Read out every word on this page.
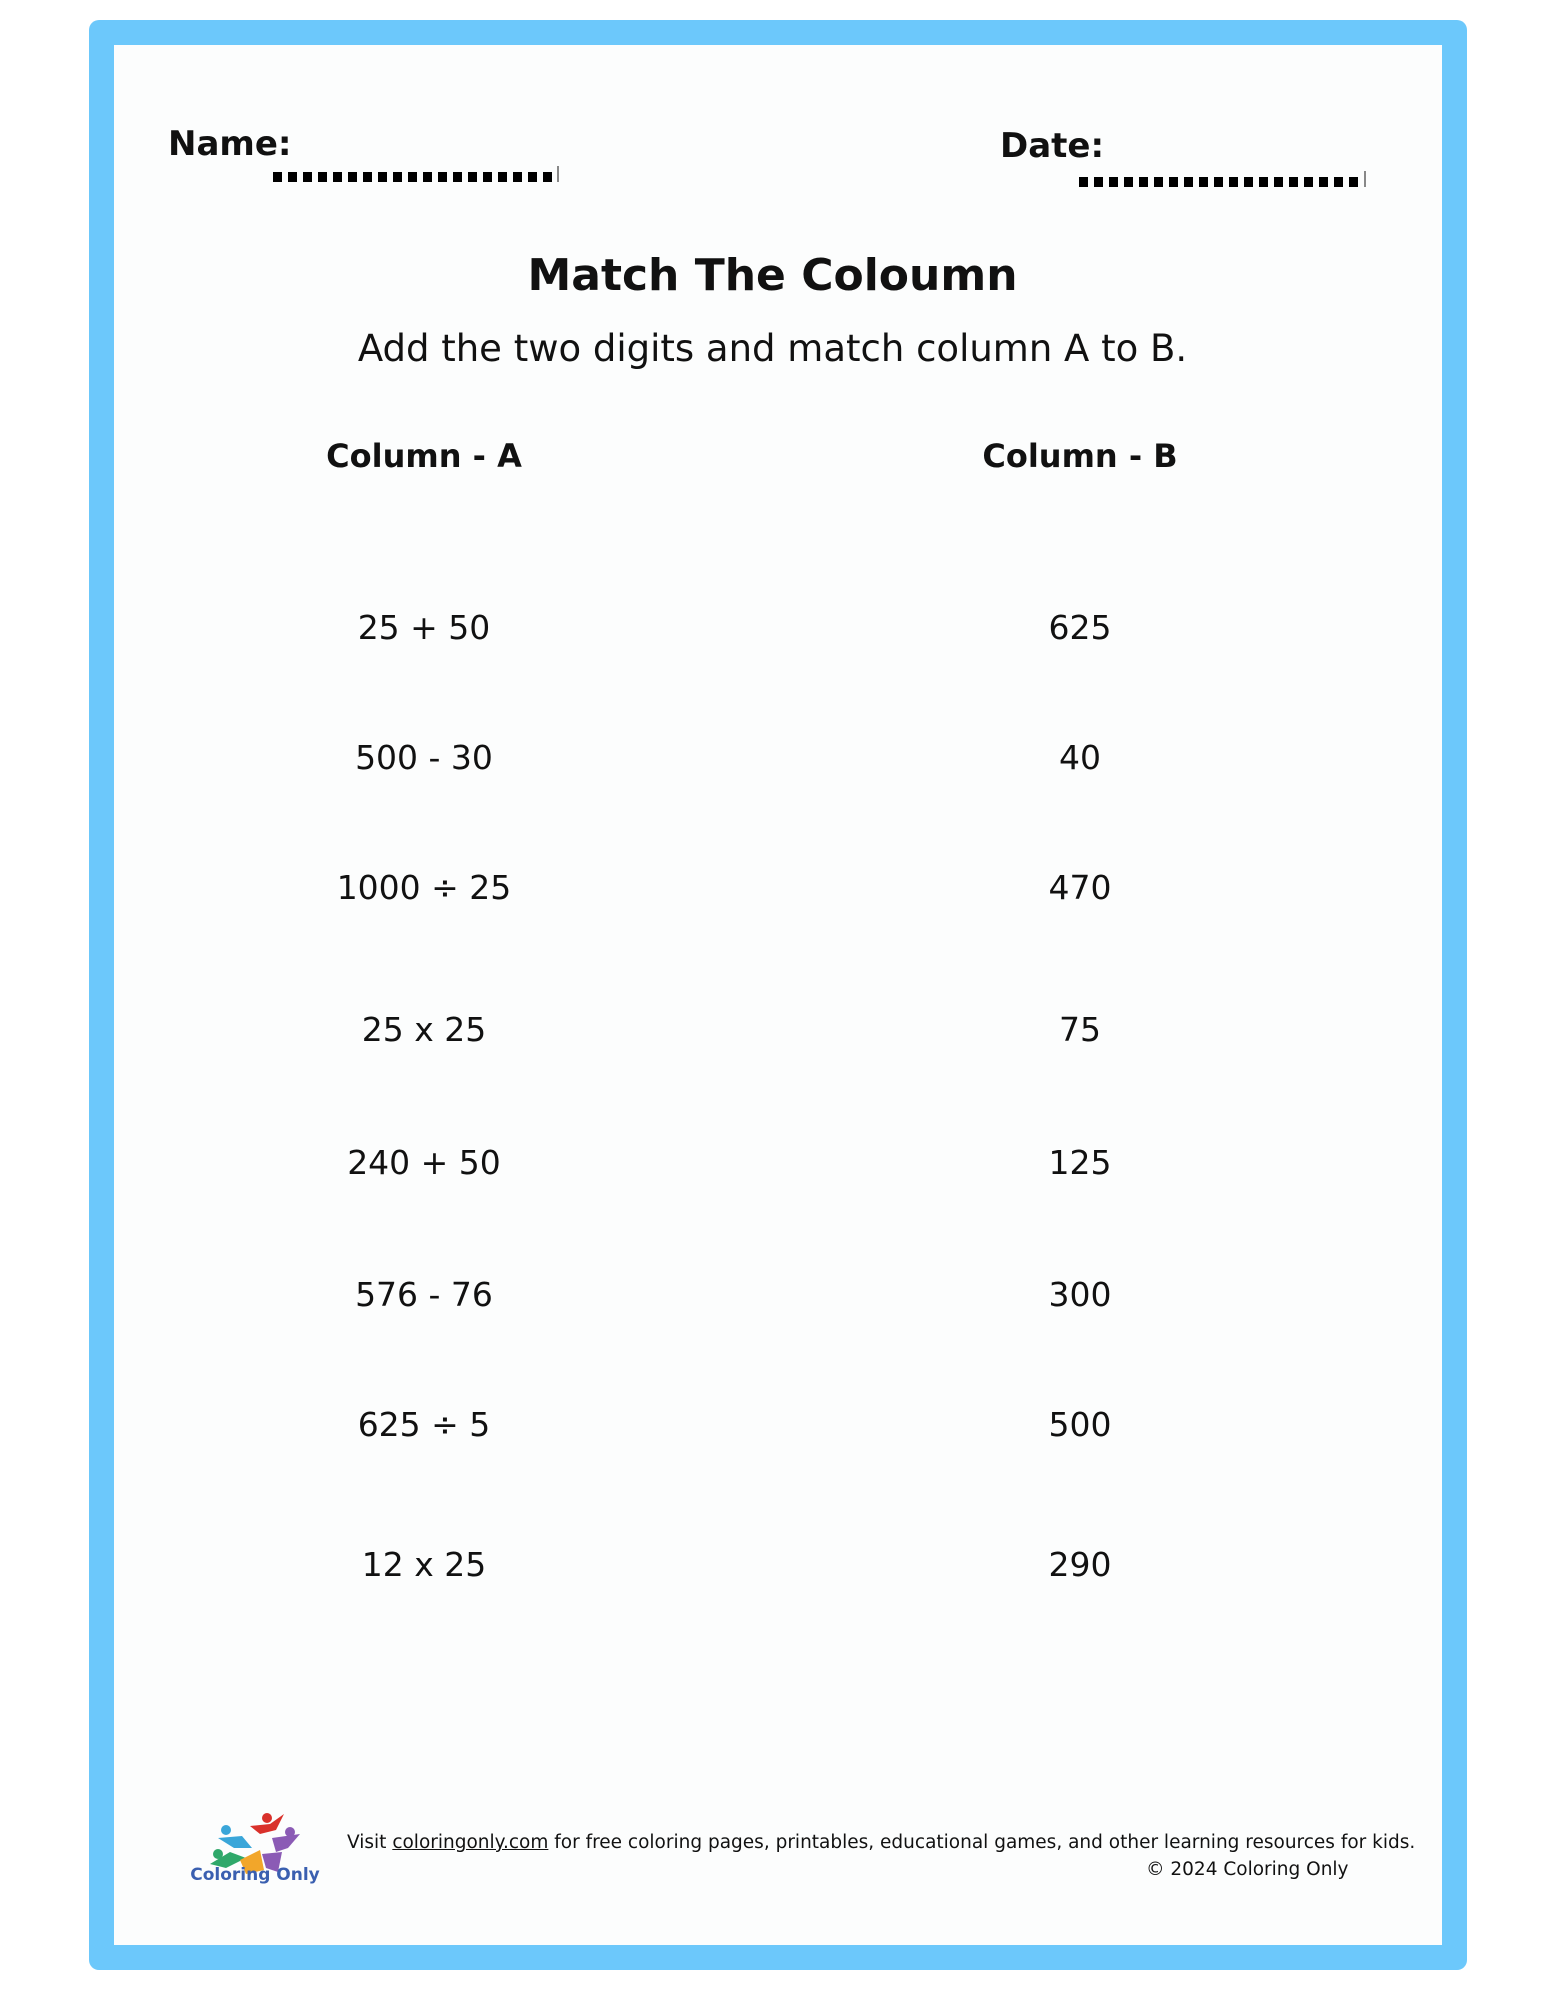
Name:	Date:
Match The Coloumn
Add the two digits and match column A to B.
Column - A	Column - B
25 + 50
500 - 30
1000 ÷ 25
25 x 25
240 + 50
576 - 76
625 ÷ 5
12 x 25
625
40
470
75
125
300
500
290
Coloring Only
Visit coloringonly.com for free coloring pages, printables, educational games, and other learning resources for kids.
© 2024 Coloring Only
